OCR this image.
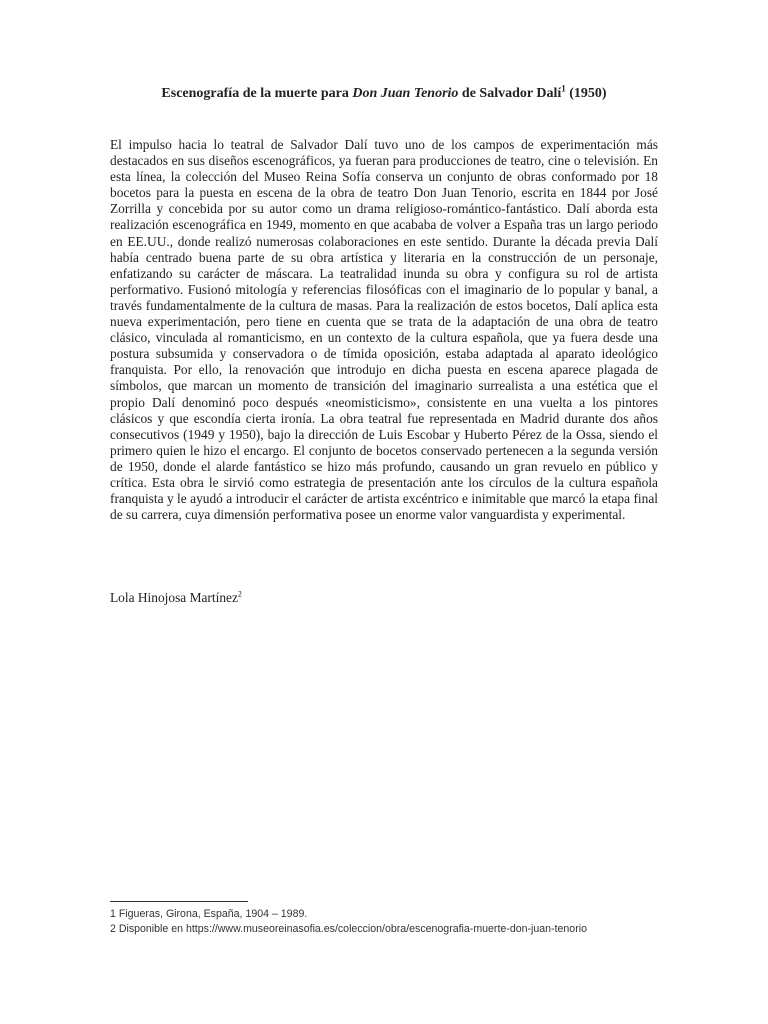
Escenografía de la muerte para Don Juan Tenorio de Salvador Dalí$^1$ (1950)

El impulso hacia lo teatral de Salvador Dalí tuvo uno de los campos de experimentación más destacados en sus diseños escenográficos, ya fueran para producciones de teatro, cine o televisión. En esta línea, la colección del Museo Reina Sofía conserva un conjunto de obras conformado por 18 bocetos para la puesta en escena de la obra de teatro Don Juan Tenorio, escrita en 1844 por José Zorrilla y concebida por su autor como un drama religioso-romántico-fantástico. Dalí aborda esta realización escenográfica en 1949, momento en que acababa de volver a España tras un largo periodo en EE.UU., donde realizó numerosas colaboraciones en este sentido. Durante la década previa Dalí había centrado buena parte de su obra artística y literaria en la construcción de un personaje, enfatizando su carácter de máscara. La teatralidad inunda su obra y configura su rol de artista performativo. Fusionó mitología y referencias filosóficas con el imaginario de lo popular y banal, a través fundamentalmente de la cultura de masas. Para la realización de estos bocetos, Dalí aplica esta nueva experimentación, pero tiene en cuenta que se trata de la adaptación de una obra de teatro clásico, vinculada al romanticismo, en un contexto de la cultura española, que ya fuera desde una postura subsumida y conservadora o de tímida oposición, estaba adaptada al aparato ideológico franquista. Por ello, la renovación que introdujo en dicha puesta en escena aparece plagada de símbolos, que marcan un momento de transición del imaginario surrealista a una estética que el propio Dalí denominó poco después «neomisticismo», consistente en una vuelta a los pintores clásicos y que escondía cierta ironía. La obra teatral fue representada en Madrid durante dos años consecutivos (1949 y 1950), bajo la dirección de Luis Escobar y Huberto Pérez de la Ossa, siendo el primero quien le hizo el encargo. El conjunto de bocetos conservado pertenecen a la segunda versión de 1950, donde el alarde fantástico se hizo más profundo, causando un gran revuelo en público y crítica. Esta obra le sirvió como estrategia de presentación ante los círculos de la cultura española franquista y le ayudó a introducir el carácter de artista excéntrico e inimitable que marcó la etapa final de su carrera, cuya dimensión performativa posee un enorme valor vanguardista y experimental.

Lola Hinojosa Martínez$^2$
1 Figueras, Girona, España, 1904 – 1989.
2 Disponible en https://www.museoreinasofia.es/coleccion/obra/escenografia-muerte-don-juan-tenorio
